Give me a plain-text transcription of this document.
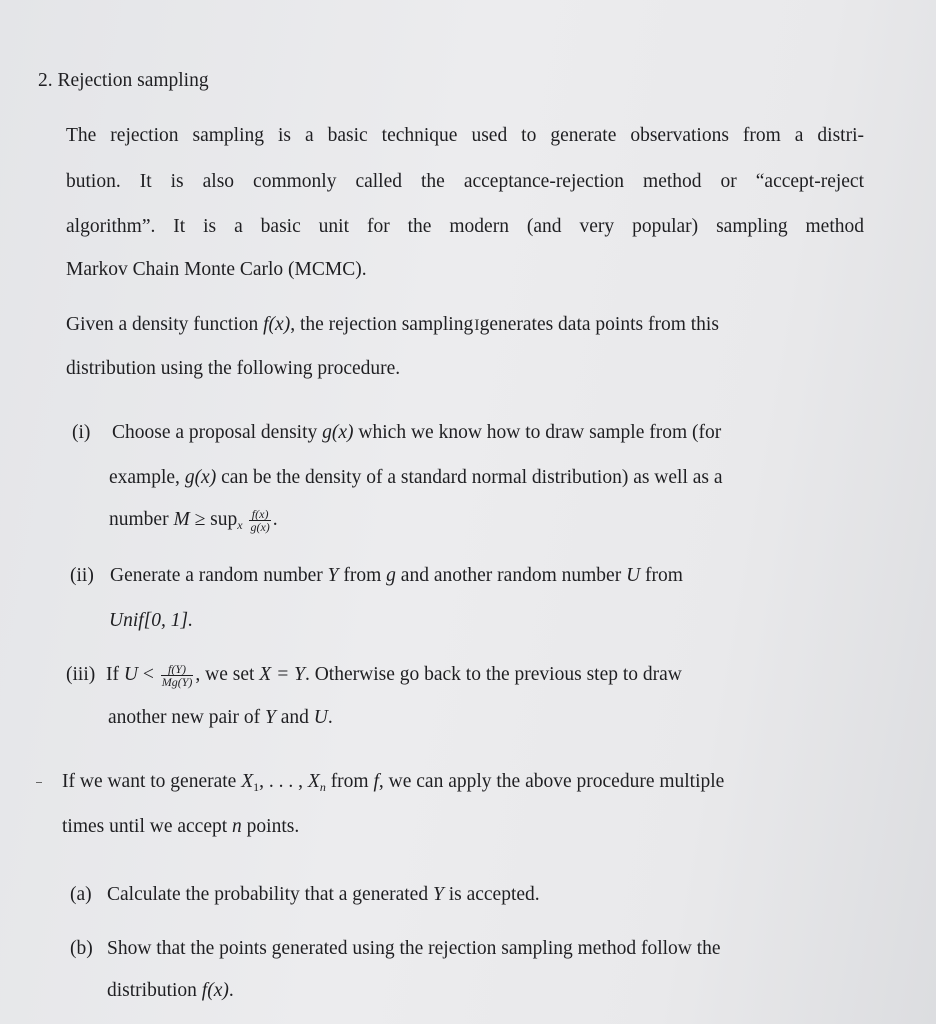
2. Rejection sampling
The rejection sampling is a basic technique used to generate observations from a distri-
bution. It is also commonly called the acceptance-rejection method or “accept-reject
algorithm”. It is a basic unit for the modern (and very popular) sampling method
Markov Chain Monte Carlo (MCMC).
Given a density function f(x), the rejection samplingIgenerates data points from this
distribution using the following procedure.
(i) Choose a proposal density g(x) which we know how to draw sample from (for
example, g(x) can be the density of a standard normal distribution) as well as a
number $M \ge sup_x \frac{f(x)}{g(x)}$ .
(ii) Generate a random number Y from g and another random number U from
Unif[0, 1].
(iii) If $U < \frac{f(Y)}{Mg(Y)}$ , we set X = Y. Otherwise go back to the previous step to draw
another new pair of Y and U.
If we want to generate $X_1$, . . . , $X_n$ from f, we can apply the above procedure multiple
times until we accept n points.
(a) Calculate the probability that a generated Y is accepted.
(b) Show that the points generated using the rejection sampling method follow the
distribution f(x).
